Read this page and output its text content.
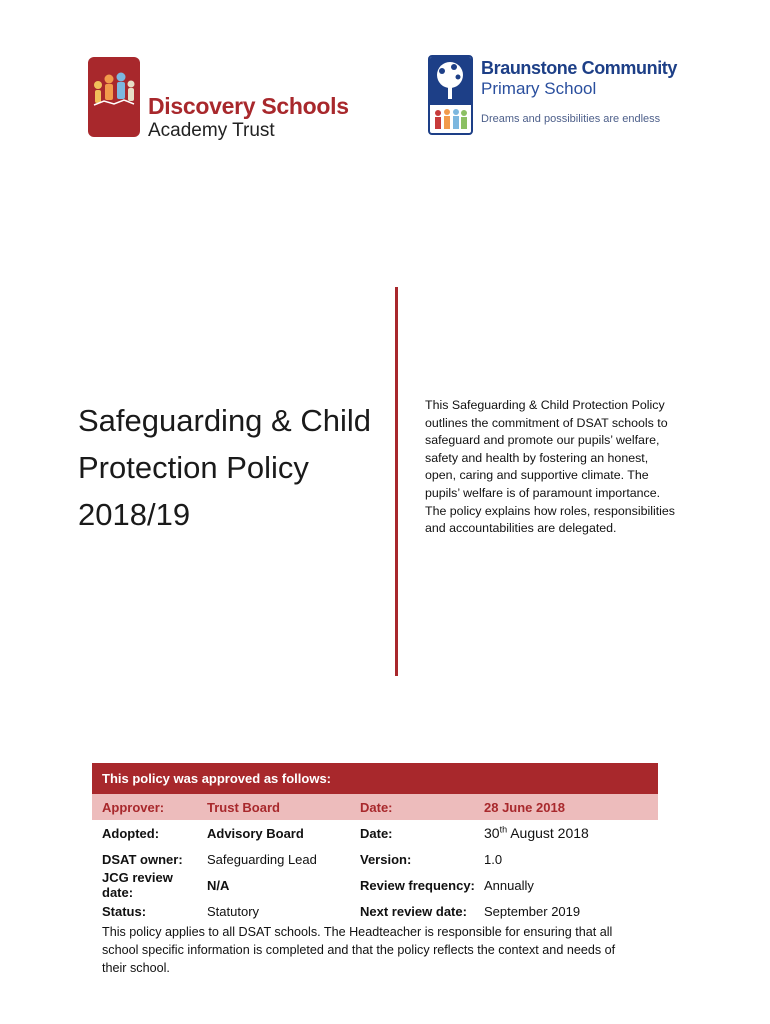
Discovery Schools
Academy Trust
Braunstone Community
Primary School
Dreams and possibilities are endless
Safeguarding & Child Protection Policy 2018/19
This Safeguarding & Child Protection Policy outlines the commitment of DSAT schools to safeguard and promote our pupils’ welfare, safety and health by fostering an honest, open, caring and supportive climate. The pupils’ welfare is of paramount importance. The policy explains how roles, responsibilities and accountabilities are delegated.
This policy was approved as follows:
Approver:	Trust Board	Date:	28 June 2018
Adopted:	Advisory Board	Date:	30th August 2018
DSAT owner:	Safeguarding Lead	Version:	1.0
JCG review date:	N/A	Review frequency: Annually
Status:	Statutory	Next review date:	September 2019
This policy applies to all DSAT schools. The Headteacher is responsible for ensuring that all school specific information is completed and that the policy reflects the context and needs of their school.
